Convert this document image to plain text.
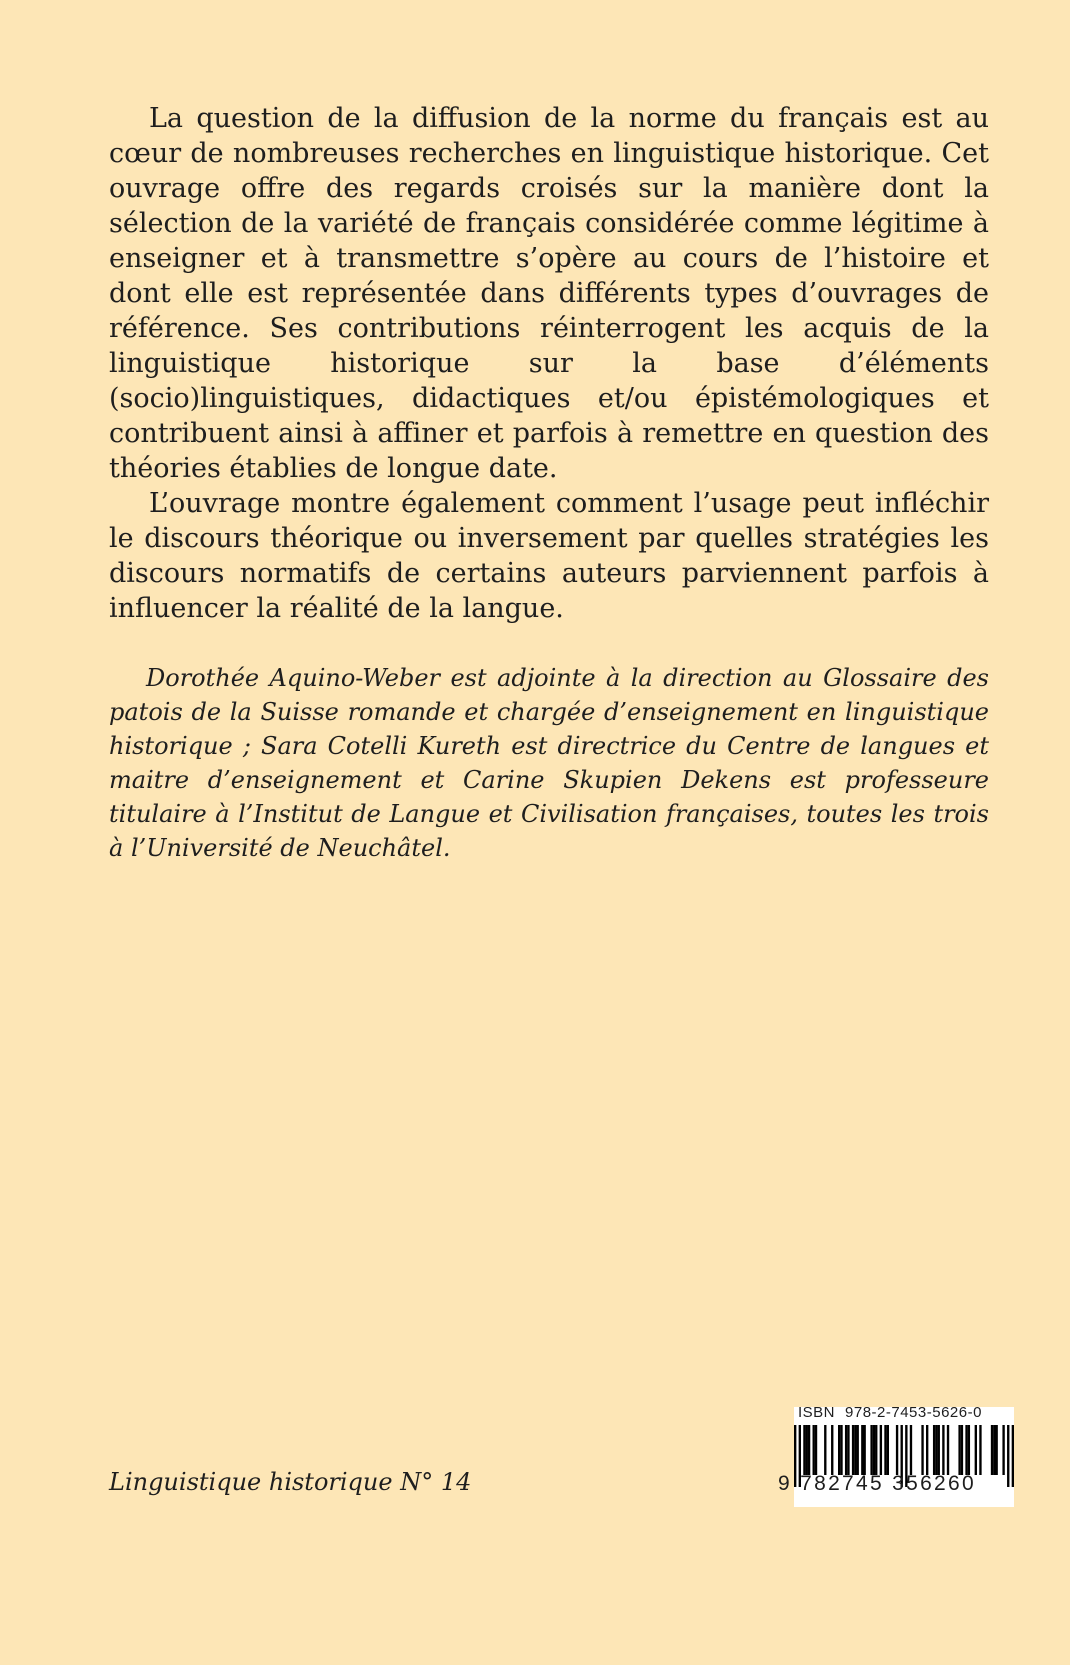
La question de la diffusion de la norme du français est au cœur de nombreuses recherches en linguistique historique. Cet ouvrage offre des regards croisés sur la manière dont la sélection de la variété de français considérée comme légitime à enseigner et à transmettre s’opère au cours de l’histoire et dont elle est représentée dans différents types d’ouvrages de référence. Ses contributions réinterrogent les acquis de la linguistique historique sur la base d’éléments (socio)linguistiques, didactiques et/ou épistémologiques et contribuent ainsi à affiner et parfois à remettre en question des théories établies de longue date.

L’ouvrage montre également comment l’usage peut infléchir le discours théorique ou inversement par quelles stratégies les discours normatifs de certains auteurs parviennent parfois à influencer la réalité de la langue.

Dorothée Aquino-Weber est adjointe à la direction au Glossaire des patois de la Suisse romande et chargée d’enseignement en linguistique historique ; Sara Cotelli Kureth est directrice du Centre de langues et maitre d’enseignement et Carine Skupien Dekens est professeure titulaire à l’Institut de Langue et Civilisation françaises, toutes les trois à l’Université de Neuchâtel.

Linguistique historique N° 14
ISBN 978-2-7453-5626-0
9 782745 356260
